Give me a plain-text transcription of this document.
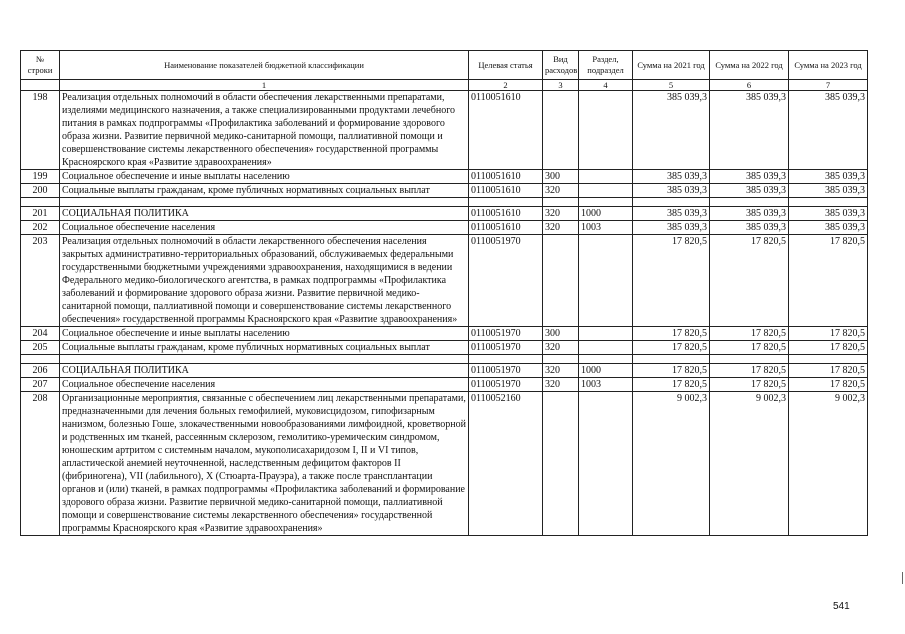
№ строки	Наименование показателей бюджетной классификации	Целевая статья	Вид расходов	Раздел, подраздел	Сумма на 2021 год	Сумма на 2022 год	Сумма на 2023 год
	1	2	3	4	5	6	7
198	Реализация отдельных полномочий в области обеспечения лекарственными препаратами, изделиями медицинского назначения, а также специализированными продуктами лечебного питания в рамках подпрограммы «Профилактика заболеваний и формирование здорового образа жизни. Развитие первичной медико-санитарной помощи, паллиативной помощи и совершенствование системы лекарственного обеспечения» государственной программы Красноярского края «Развитие здравоохранения»	0110051610			385 039,3	385 039,3	385 039,3
199	Социальное обеспечение и иные выплаты населению	0110051610	300		385 039,3	385 039,3	385 039,3
200	Социальные выплаты гражданам, кроме публичных нормативных социальных выплат	0110051610	320		385 039,3	385 039,3	385 039,3

201	СОЦИАЛЬНАЯ ПОЛИТИКА	0110051610	320	1000	385 039,3	385 039,3	385 039,3
202	Социальное обеспечение населения	0110051610	320	1003	385 039,3	385 039,3	385 039,3
203	Реализация отдельных полномочий в области лекарственного обеспечения населения закрытых административно-территориальных образований, обслуживаемых федеральными государственными бюджетными учреждениями здравоохранения, находящимися в ведении Федерального медико-биологического агентства, в рамках подпрограммы «Профилактика заболеваний и формирование здорового образа жизни. Развитие первичной медико-санитарной помощи, паллиативной помощи и совершенствование системы лекарственного обеспечения» государственной программы Красноярского края «Развитие здравоохранения»	0110051970			17 820,5	17 820,5	17 820,5
204	Социальное обеспечение и иные выплаты населению	0110051970	300		17 820,5	17 820,5	17 820,5
205	Социальные выплаты гражданам, кроме публичных нормативных социальных выплат	0110051970	320		17 820,5	17 820,5	17 820,5

206	СОЦИАЛЬНАЯ ПОЛИТИКА	0110051970	320	1000	17 820,5	17 820,5	17 820,5
207	Социальное обеспечение населения	0110051970	320	1003	17 820,5	17 820,5	17 820,5
208	Организационные мероприятия, связанные с обеспечением лиц лекарственными препаратами, предназначенными для лечения больных гемофилией, муковисцидозом, гипофизарным нанизмом, болезнью Гоше, злокачественными новообразованиями лимфоидной, кроветворной и родственных им тканей, рассеянным склерозом, гемолитико-уремическим синдромом, юношеским артритом с системным началом, мукополисахаридозом I, II и VI типов, апластической анемией неуточненной, наследственным дефицитом факторов II (фибриногена), VII (лабильного), X (Стюарта-Прауэра), а также после трансплантации органов и (или) тканей, в рамках подпрограммы «Профилактика заболеваний и формирование здорового образа жизни. Развитие первичной медико-санитарной помощи, паллиативной помощи и совершенствование системы лекарственного обеспечения» государственной программы Красноярского края «Развитие здравоохранения»	0110052160			9 002,3	9 002,3	9 002,3
541
